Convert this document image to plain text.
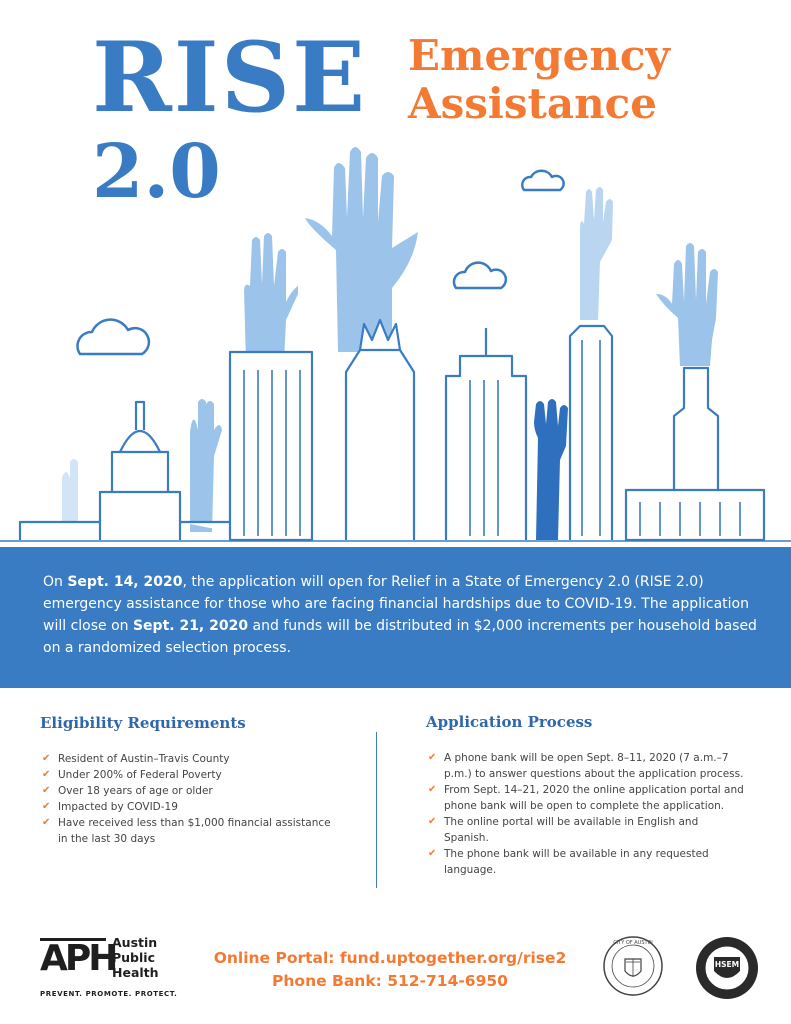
RISE
2.0
Emergency
Assistance
On Sept. 14, 2020, the application will open for Relief in a State of Emergency 2.0 (RISE 2.0) emergency assistance for those who are facing financial hardships due to COVID-19. The application will close on Sept. 21, 2020 and funds will be distributed in $2,000 increments per household based on a randomized selection process.
Eligibility Requirements
✔ Resident of Austin–Travis County
✔ Under 200% of Federal Poverty
✔ Over 18 years of age or older
✔ Impacted by COVID-19
✔ Have received less than $1,000 financial assistance in the last 30 days
Application Process
✔ A phone bank will be open Sept. 8–11, 2020 (7 a.m.–7 p.m.) to answer questions about the application process.
✔ From Sept. 14–21, 2020 the online application portal and phone bank will be open to complete the application.
✔ The online portal will be available in English and Spanish.
✔ The phone bank will be available in any requested language.
APH
Austin
Public
Health
PREVENT. PROMOTE. PROTECT.
Online Portal: fund.uptogether.org/rise2
Phone Bank: 512-714-6950
CITY OF AUSTIN
HSEM
